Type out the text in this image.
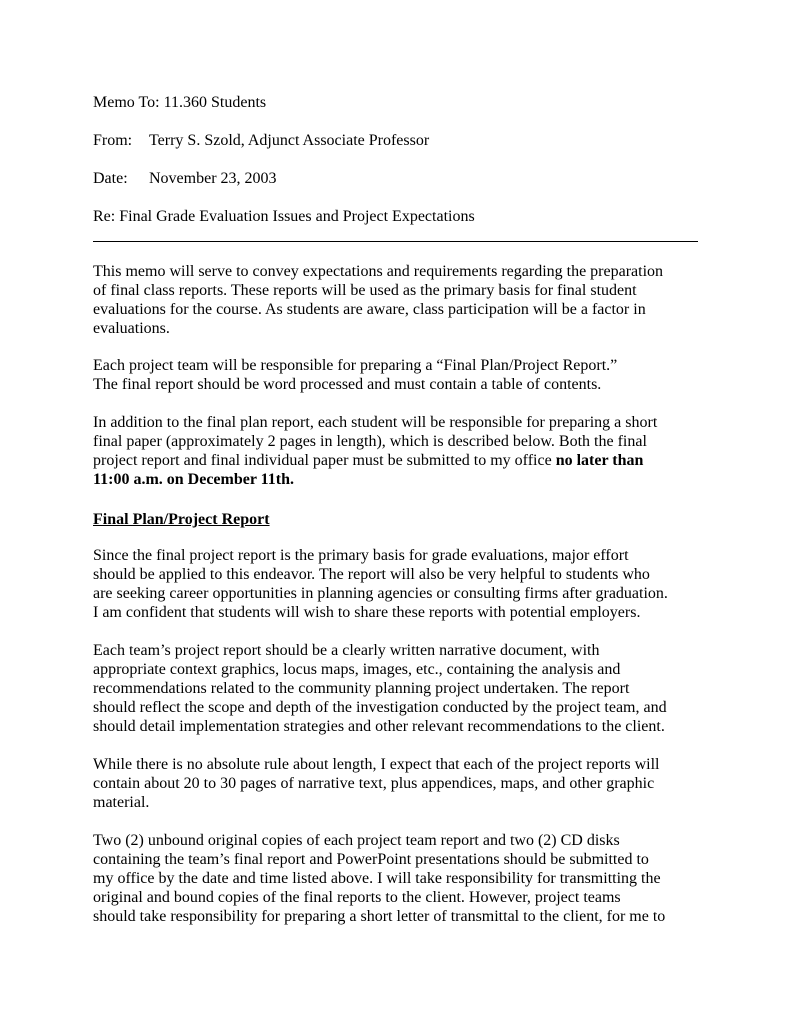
Memo To: 11.360 Students
From: Terry S. Szold, Adjunct Associate Professor
Date: November 23, 2003
Re: Final Grade Evaluation Issues and Project Expectations
This memo will serve to convey expectations and requirements regarding the preparation
of final class reports. These reports will be used as the primary basis for final student
evaluations for the course. As students are aware, class participation will be a factor in
evaluations.
Each project team will be responsible for preparing a “Final Plan/Project Report.”
The final report should be word processed and must contain a table of contents.
In addition to the final plan report, each student will be responsible for preparing a short
final paper (approximately 2 pages in length), which is described below. Both the final
project report and final individual paper must be submitted to my office no later than
11:00 a.m. on December 11th.
Final Plan/Project Report
Since the final project report is the primary basis for grade evaluations, major effort
should be applied to this endeavor. The report will also be very helpful to students who
are seeking career opportunities in planning agencies or consulting firms after graduation.
I am confident that students will wish to share these reports with potential employers.
Each team’s project report should be a clearly written narrative document, with
appropriate context graphics, locus maps, images, etc., containing the analysis and
recommendations related to the community planning project undertaken. The report
should reflect the scope and depth of the investigation conducted by the project team, and
should detail implementation strategies and other relevant recommendations to the client.
While there is no absolute rule about length, I expect that each of the project reports will
contain about 20 to 30 pages of narrative text, plus appendices, maps, and other graphic
material.
Two (2) unbound original copies of each project team report and two (2) CD disks
containing the team’s final report and PowerPoint presentations should be submitted to
my office by the date and time listed above. I will take responsibility for transmitting the
original and bound copies of the final reports to the client. However, project teams
should take responsibility for preparing a short letter of transmittal to the client, for me to
